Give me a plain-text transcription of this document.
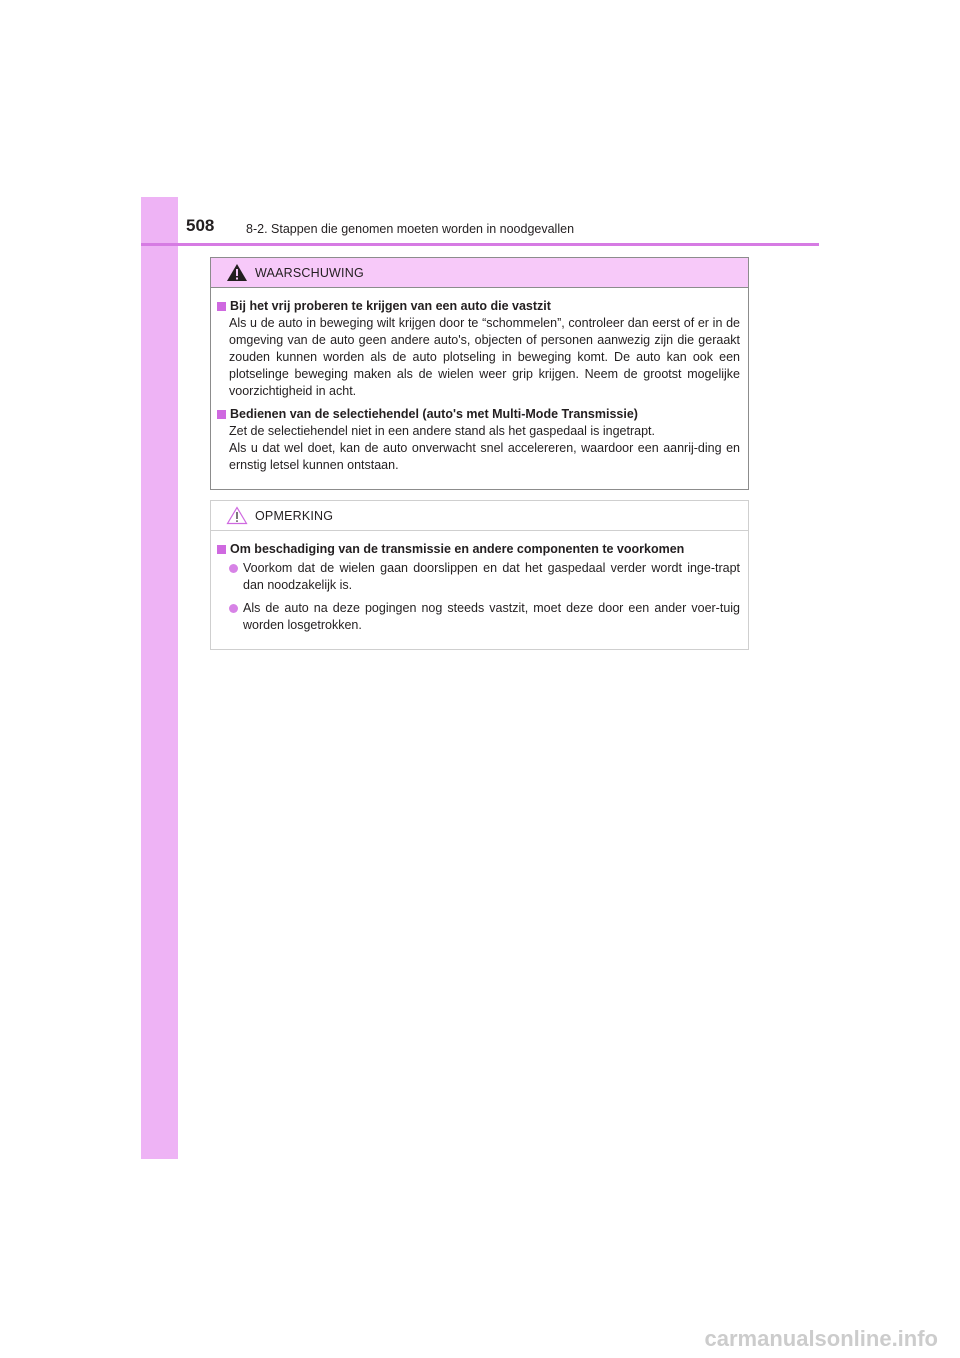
508	8-2. Stappen die genomen moeten worden in noodgevallen
WAARSCHUWING
Bij het vrij proberen te krijgen van een auto die vastzit
Als u de auto in beweging wilt krijgen door te “schommelen”, controleer dan eerst of er in de omgeving van de auto geen andere auto's, objecten of personen aanwezig zijn die geraakt zouden kunnen worden als de auto plotseling in beweging komt. De auto kan ook een plotselinge beweging maken als de wielen weer grip krijgen. Neem de grootst mogelijke voorzichtigheid in acht.
Bedienen van de selectiehendel (auto's met Multi-Mode Transmissie)
Zet de selectiehendel niet in een andere stand als het gaspedaal is ingetrapt.
Als u dat wel doet, kan de auto onverwacht snel accelereren, waardoor een aanrij-ding en ernstig letsel kunnen ontstaan.
OPMERKING
Om beschadiging van de transmissie en andere componenten te voorkomen
Voorkom dat de wielen gaan doorslippen en dat het gaspedaal verder wordt inge-trapt dan noodzakelijk is.
Als de auto na deze pogingen nog steeds vastzit, moet deze door een ander voer-tuig worden losgetrokken.
carmanualsonline.info
